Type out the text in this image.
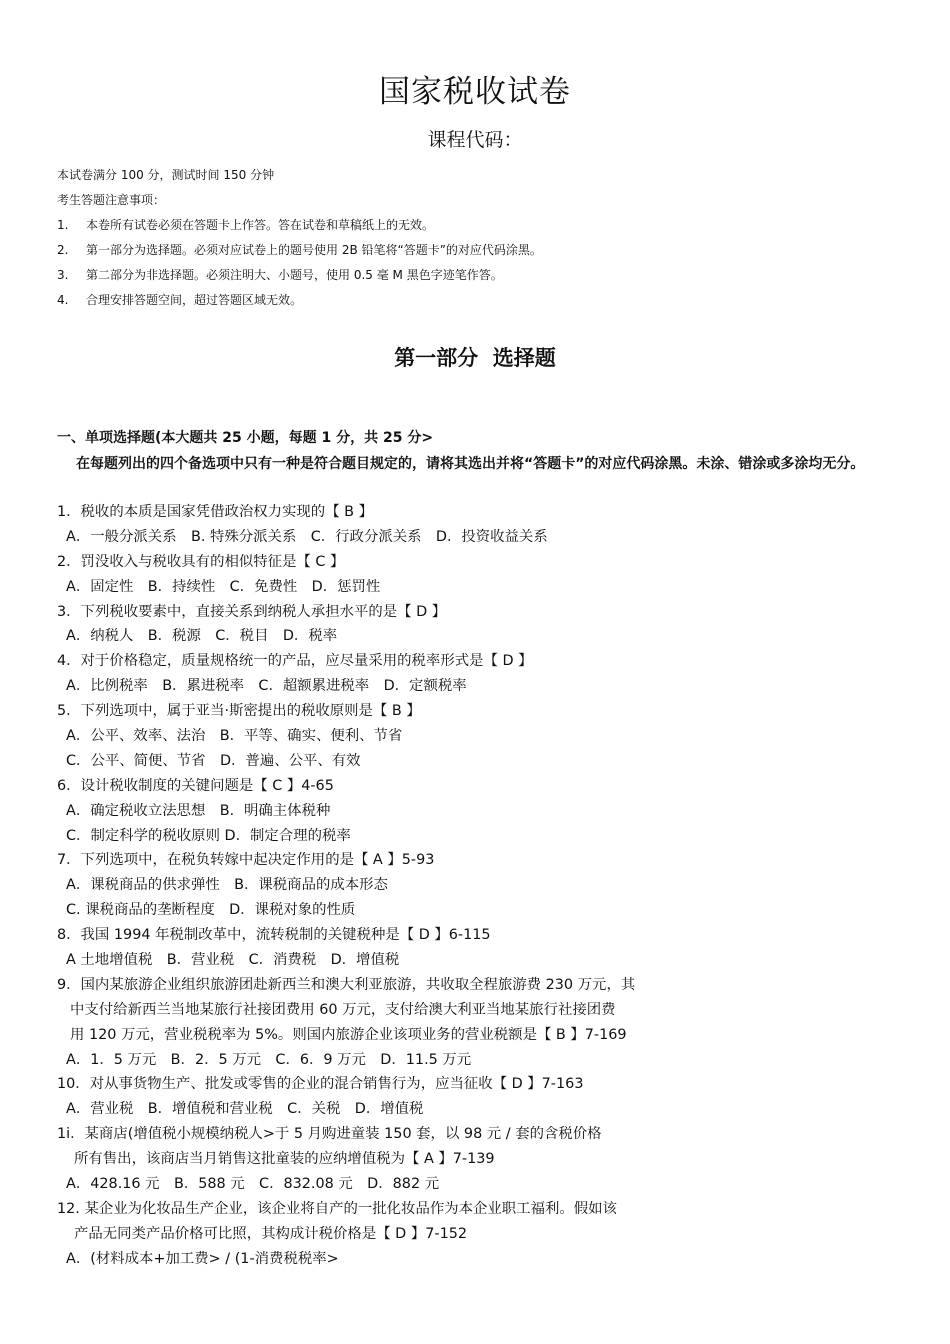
国家税收试卷
课程代码：
本试卷满分 100 分，测试时间 150 分钟
考生答题注意事项：
1. 本卷所有试卷必须在答题卡上作答。答在试卷和草稿纸上的无效。
2. 第一部分为选择题。必须对应试卷上的题号使用 2B 铅笔将“答题卡”的对应代码涂黑。
3. 第二部分为非选择题。必须注明大、小题号，使用 0.5 毫 M 黑色字迹笔作答。
4. 合理安排答题空间，超过答题区域无效。
第一部分  选择题
一、单项选择题(本大题共 25 小题，每题 1 分，共 25 分>
在每题列出的四个备选项中只有一种是符合题目规定的，请将其选出并将“答题卡”的对应代码涂黑。未涂、错涂或多涂均无分。
1．税收的本质是国家凭借政治权力实现的【 B 】
A．一般分派关系　B. 特殊分派关系　C．行政分派关系　D．投资收益关系
2．罚没收入与税收具有的相似特征是【 C 】
A．固定性　B．持续性　C．免费性　D．惩罚性
3．下列税收要素中，直接关系到纳税人承担水平的是【 D 】
A．纳税人　B．税源　C．税目　D．税率
4．对于价格稳定，质量规格统一的产品，应尽量采用的税率形式是【 D 】
A．比例税率　B．累进税率　C．超额累进税率　D．定额税率
5．下列选项中，属于亚当·斯密提出的税收原则是【 B 】
A．公平、效率、法治　B．平等、确实、便利、节省
C．公平、简便、节省　D．普遍、公平、有效
6．设计税收制度的关键问题是【 C 】4-65
A．确定税收立法思想　B．明确主体税种
C．制定科学的税收原则 D．制定合理的税率
7．下列选项中，在税负转嫁中起决定作用的是【 A 】5-93
A．课税商品的供求弹性　B．课税商品的成本形态
C. 课税商品的垄断程度　D．课税对象的性质
8．我国 1994 年税制改革中，流转税制的关键税种是【 D 】6-115
A 土地增值税　B．营业税　C．消费税　D．增值税
9．国内某旅游企业组织旅游团赴新西兰和澳大利亚旅游，共收取全程旅游费 230 万元，其
中支付给新西兰当地某旅行社接团费用 60 万元，支付给澳大利亚当地某旅行社接团费
用 120 万元，营业税税率为 5%。则国内旅游企业该项业务的营业税额是【 B 】7-169
A．1．5 万元　B．2．5 万元　C．6．9 万元　D．11.5 万元
10．对从事货物生产、批发或零售的企业的混合销售行为，应当征收【 D 】7-163
A．营业税　B．增值税和营业税　C．关税　D．增值税
1i．某商店(增值税小规模纳税人>于 5 月购进童装 150 套，以 98 元 / 套的含税价格
所有售出，该商店当月销售这批童装的应纳增值税为【 A 】7-139
A．428.16 元　B．588 元　C．832.08 元　D．882 元
12. 某企业为化妆品生产企业，该企业将自产的一批化妆品作为本企业职工福利。假如该
产品无同类产品价格可比照，其构成计税价格是【 D 】7-152
A．(材料成本+加工费> / (1-消费税税率>
